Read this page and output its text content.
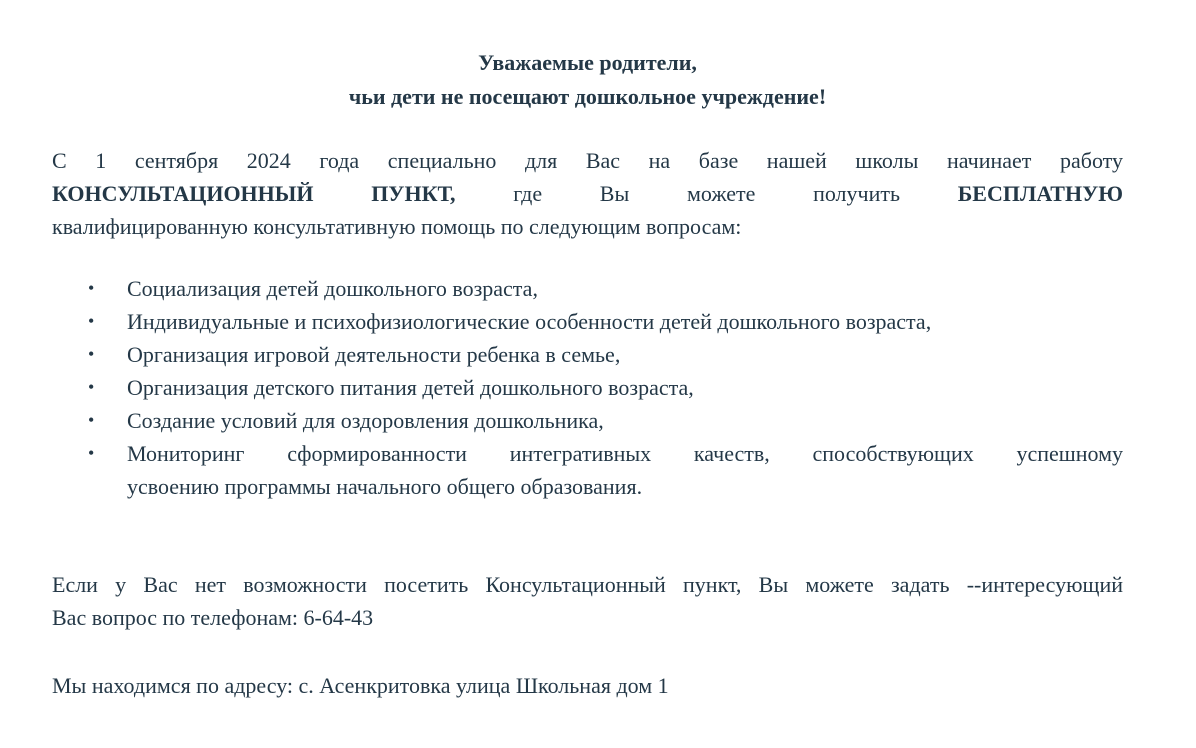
Уважаемые родители,

чьи дети не посещают дошкольное учреждение!

С 1 сентября 2024 года специально для Вас на базе нашей школы начинает работу
КОНСУЛЬТАЦИОННЫЙ ПУНКТ, где Вы можете получить БЕСПЛАТНУЮ
квалифицированную консультативную помощь по следующим вопросам:
• Социализация детей дошкольного возраста,
• Индивидуальные и психофизиологические особенности детей дошкольного возраста,
• Организация игровой деятельности ребенка в семье,
• Организация детского питания детей дошкольного возраста,
• Создание условий для оздоровления дошкольника,
• Мониторинг сформированности интегративных качеств, способствующих успешному
усвоению программы начального общего образования.
Если у Вас нет возможности посетить Консультационный пункт, Вы можете задать --интересующий
Вас вопрос по телефонам: 6-64-43
Мы находимся по адресу: с. Асенкритовка улица Школьная дом 1
